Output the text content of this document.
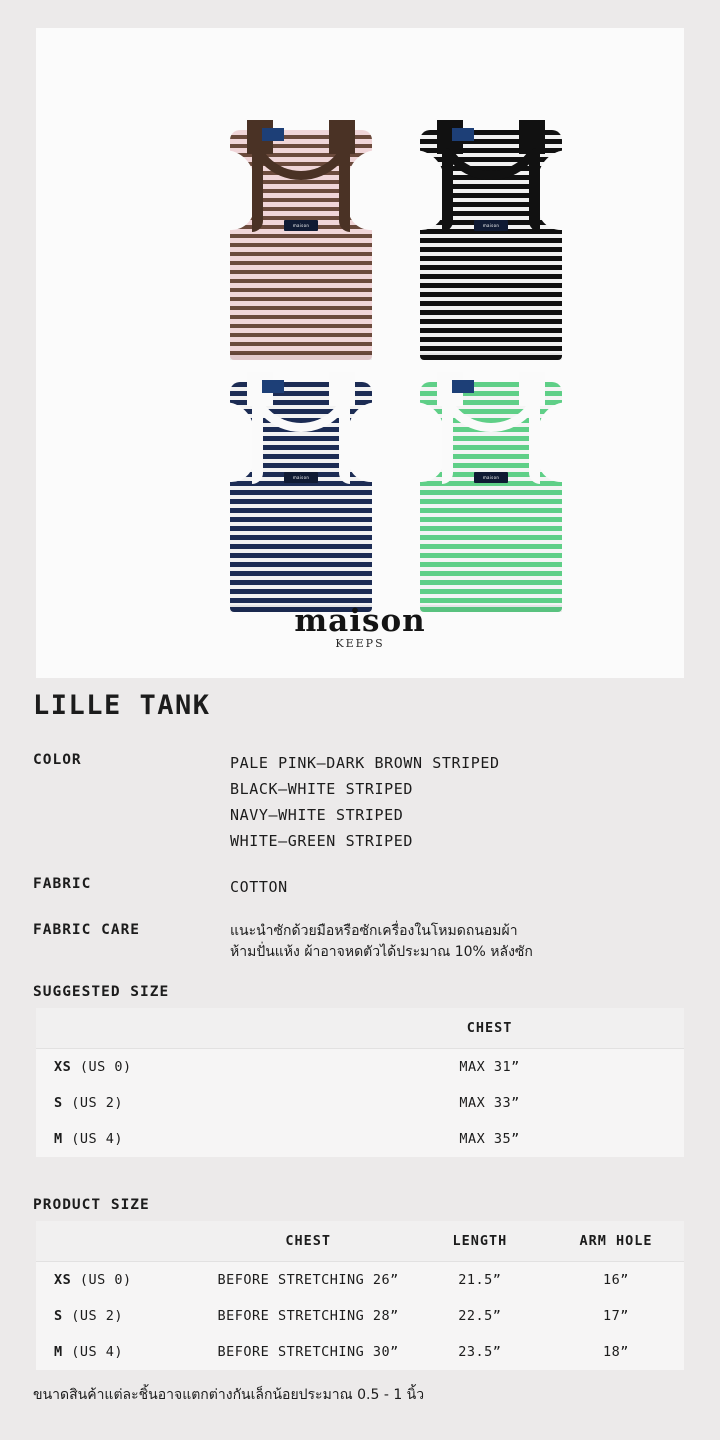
maison	maison
maison	maison
maison
KEEPS
LILLE TANK
COLOR	PALE PINK–DARK BROWN STRIPED
BLACK–WHITE STRIPED
NAVY–WHITE STRIPED
WHITE–GREEN STRIPED
FABRIC	COTTON
FABRIC CARE	แนะนำซักด้วยมือหรือซักเครื่องในโหมดถนอมผ้า
ห้ามปั่นแห้ง ผ้าอาจหดตัวได้ประมาณ 10% หลังซัก
SUGGESTED SIZE
	CHEST
XS (US 0)	MAX 31”
S (US 2)	MAX 33”
M (US 4)	MAX 35”
PRODUCT SIZE
	CHEST	LENGTH	ARM HOLE
XS (US 0)	BEFORE STRETCHING 26”	21.5”	16”
S (US 2)	BEFORE STRETCHING 28”	22.5”	17”
M (US 4)	BEFORE STRETCHING 30”	23.5”	18”
ขนาดสินค้าแต่ละชิ้นอาจแตกต่างกันเล็กน้อยประมาณ 0.5 - 1 นิ้ว
